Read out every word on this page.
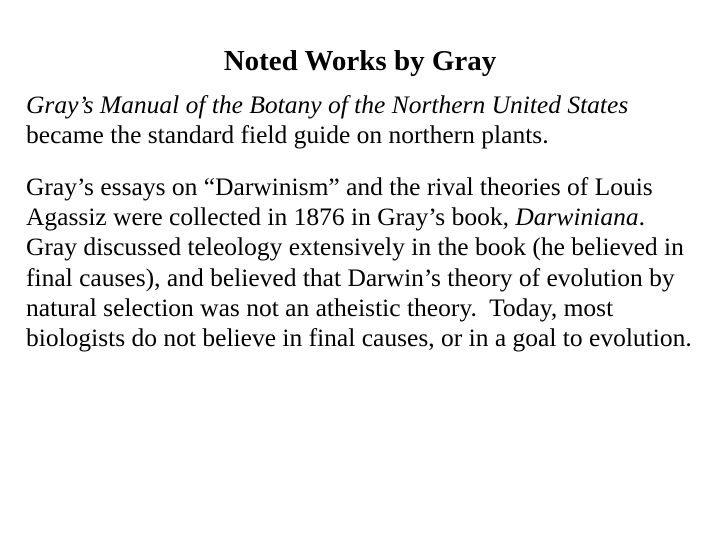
Noted Works by Gray

Gray’s Manual of the Botany of the Northern United States became the standard field guide on northern plants.

Gray’s essays on “Darwinism” and the rival theories of Louis Agassiz were collected in 1876 in Gray’s book, Darwiniana.  Gray discussed teleology extensively in the book (he believed in final causes), and believed that Darwin’s theory of evolution by natural selection was not an atheistic theory.  Today, most biologists do not believe in final causes, or in a goal to evolution.
